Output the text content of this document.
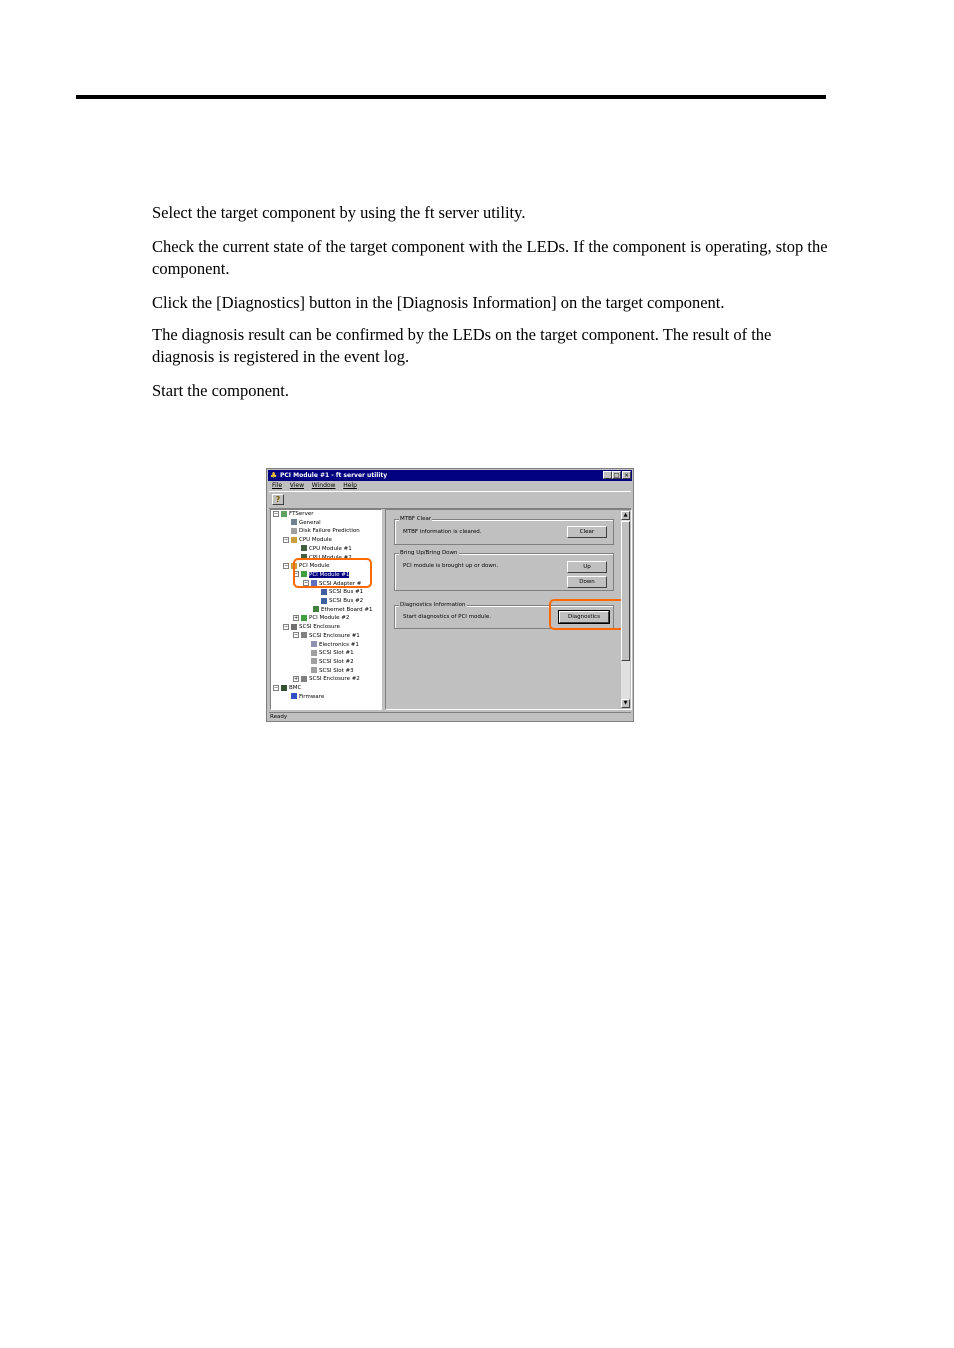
Select the target component by using the ft server utility.
Check the current state of the target component with the LEDs. If the component is operating, stop the component.
Click the [Diagnostics] button in the [Diagnosis Information] on the target component.
The diagnosis result can be confirmed by the LEDs on the target component. The result of the diagnosis is registered in the event log.
Start the component.
♣ PCI Module #1 - ft server utility	_ □ ×
File View Window Help
?
− FTServer
General
Disk Failure Prediction
− CPU Module
CPU Module #1
CPU Module #2
− PCI Module
− PCI Module #1
− SCSI Adapter #
SCSI Bus #1
SCSI Bus #2
Ethernet Board #1
+ PCI Module #2
− SCSI Enclosure
− SCSI Enclosure #1
Electronics #1
SCSI Slot #1
SCSI Slot #2
SCSI Slot #3
+ SCSI Enclosure #2
− BMC
Firmware
MTBF Clear
MTBF information is cleared.	Clear
Bring Up/Bring Down
PCI module is brought up or down.	Up
Down
Diagnostics Information
Start diagnostics of PCI module.	Diagnostics
▲
▼
Ready
